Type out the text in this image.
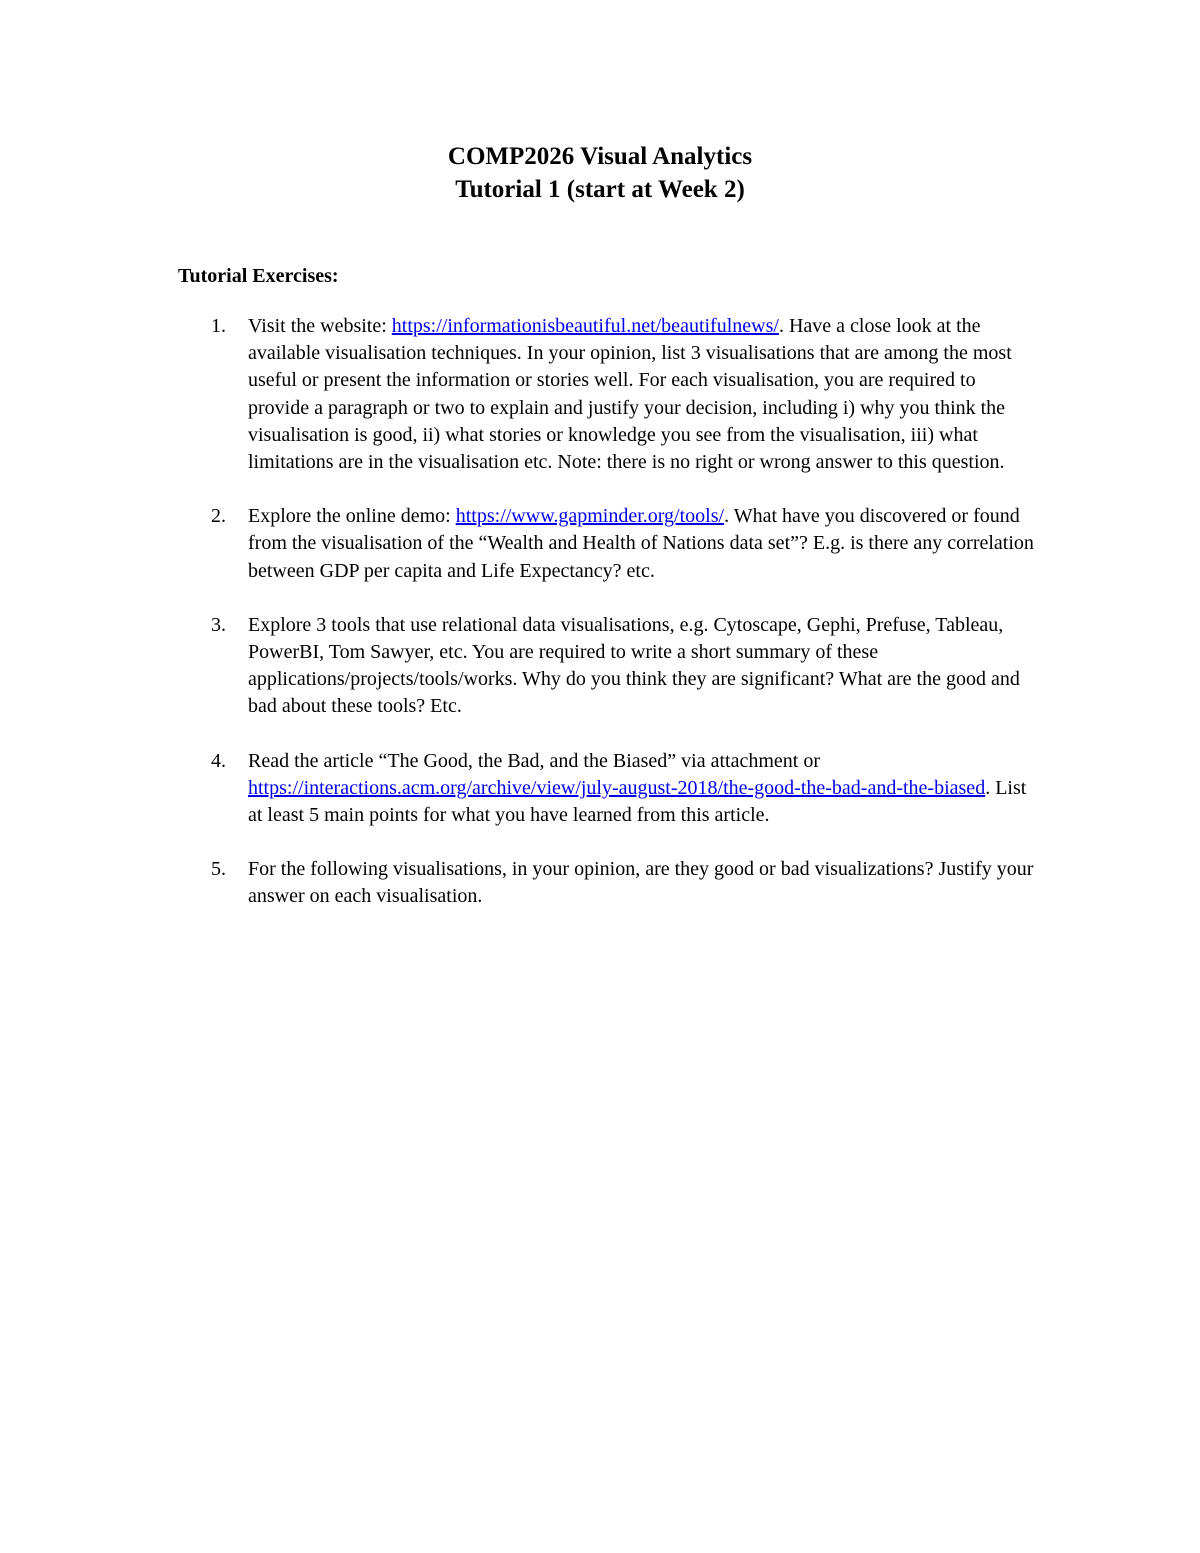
COMP2026 Visual Analytics
Tutorial 1 (start at Week 2)
Tutorial Exercises:
1. Visit the website: https://informationisbeautiful.net/beautifulnews/. Have a close look at the available visualisation techniques. In your opinion, list 3 visualisations that are among the most useful or present the information or stories well. For each visualisation, you are required to provide a paragraph or two to explain and justify your decision, including i) why you think the visualisation is good, ii) what stories or knowledge you see from the visualisation, iii) what limitations are in the visualisation etc. Note: there is no right or wrong answer to this question.
2. Explore the online demo: https://www.gapminder.org/tools/. What have you discovered or found from the visualisation of the “Wealth and Health of Nations data set”? E.g. is there any correlation between GDP per capita and Life Expectancy? etc.
3. Explore 3 tools that use relational data visualisations, e.g. Cytoscape, Gephi, Prefuse, Tableau, PowerBI, Tom Sawyer, etc. You are required to write a short summary of these applications/projects/tools/works. Why do you think they are significant? What are the good and bad about these tools? Etc.
4. Read the article “The Good, the Bad, and the Biased” via attachment or https://interactions.acm.org/archive/view/july-august-2018/the-good-the-bad-and-the-biased. List at least 5 main points for what you have learned from this article.
5. For the following visualisations, in your opinion, are they good or bad visualizations? Justify your answer on each visualisation.
